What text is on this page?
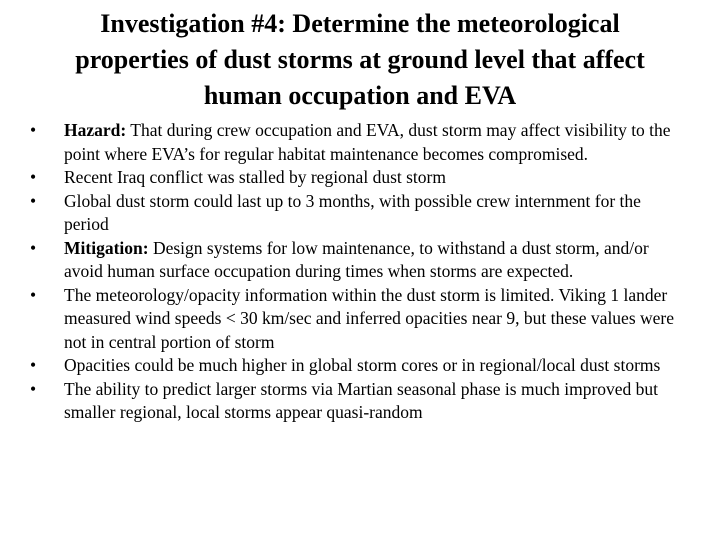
Investigation #4: Determine the meteorological
properties of dust storms at ground level that affect
human occupation and EVA
•	Hazard: That during crew occupation and EVA, dust storm may affect visibility to the point where EVA’s for regular habitat maintenance becomes compromised.
•	Recent Iraq conflict was stalled by regional dust storm
•	Global dust storm could last up to 3 months, with possible crew internment for the period
•	Mitigation: Design systems for low maintenance, to withstand a dust storm, and/or avoid human surface occupation during times when storms are expected.
•	The meteorology/opacity information within the dust storm is limited. Viking 1 lander measured wind speeds < 30 km/sec and inferred opacities near 9, but these values were not in central portion of storm
•	Opacities could be much higher in global storm cores or in regional/local dust storms
•	The ability to predict larger storms via Martian seasonal phase is much improved but smaller regional, local storms appear quasi-random
